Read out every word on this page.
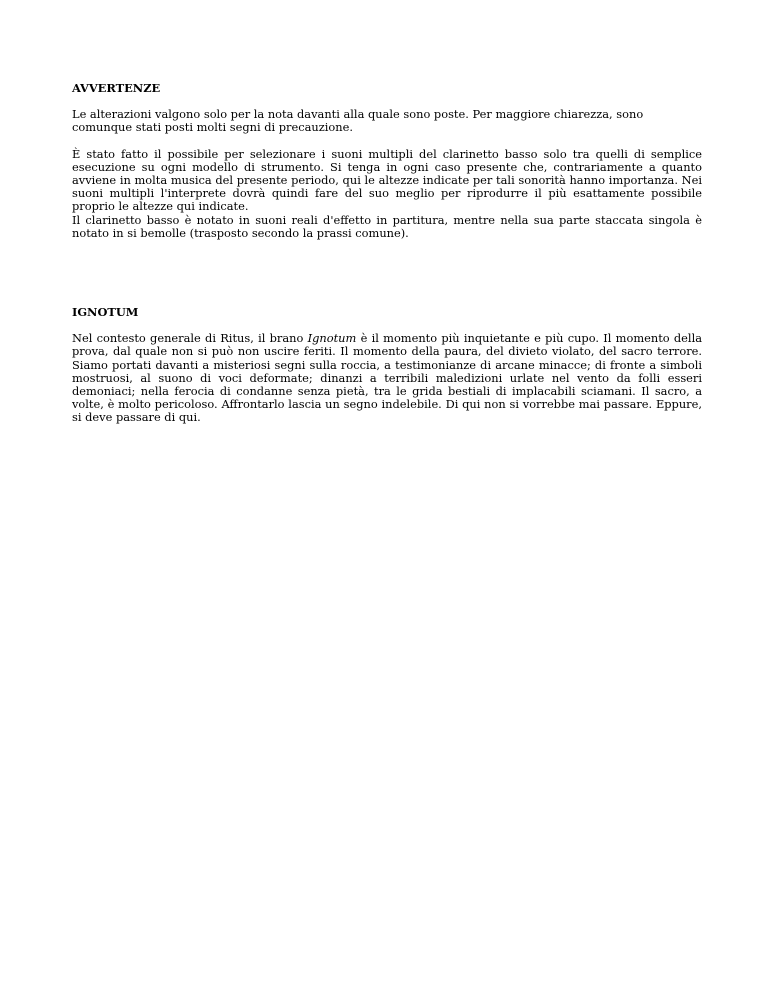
AVVERTENZE

Le alterazioni valgono solo per la nota davanti alla quale sono poste. Per maggiore chiarezza, sono comunque stati posti molti segni di precauzione.

È stato fatto il possibile per selezionare i suoni multipli del clarinetto basso solo tra quelli di semplice esecuzione su ogni modello di strumento. Si tenga in ogni caso presente che, contrariamente a quanto avviene in molta musica del presente periodo, qui le altezze indicate per tali sonorità hanno importanza. Nei suoni multipli l'interprete dovrà quindi fare del suo meglio per riprodurre il più esattamente possibile proprio le altezze qui indicate.

Il clarinetto basso è notato in suoni reali d'effetto in partitura, mentre nella sua parte staccata singola è notato in si bemolle (trasposto secondo la prassi comune).

IGNOTUM

Nel contesto generale di Ritus, il brano Ignotum è il momento più inquietante e più cupo. Il momento della prova, dal quale non si può non uscire feriti. Il momento della paura, del divieto violato, del sacro terrore. Siamo portati davanti a misteriosi segni sulla roccia, a testimonianze di arcane minacce; di fronte a simboli mostruosi, al suono di voci deformate; dinanzi a terribili maledizioni urlate nel vento da folli esseri demoniaci; nella ferocia di condanne senza pietà, tra le grida bestiali di implacabili sciamani. Il sacro, a volte, è molto pericoloso. Affrontarlo lascia un segno indelebile. Di qui non si vorrebbe mai passare. Eppure, si deve passare di qui.
